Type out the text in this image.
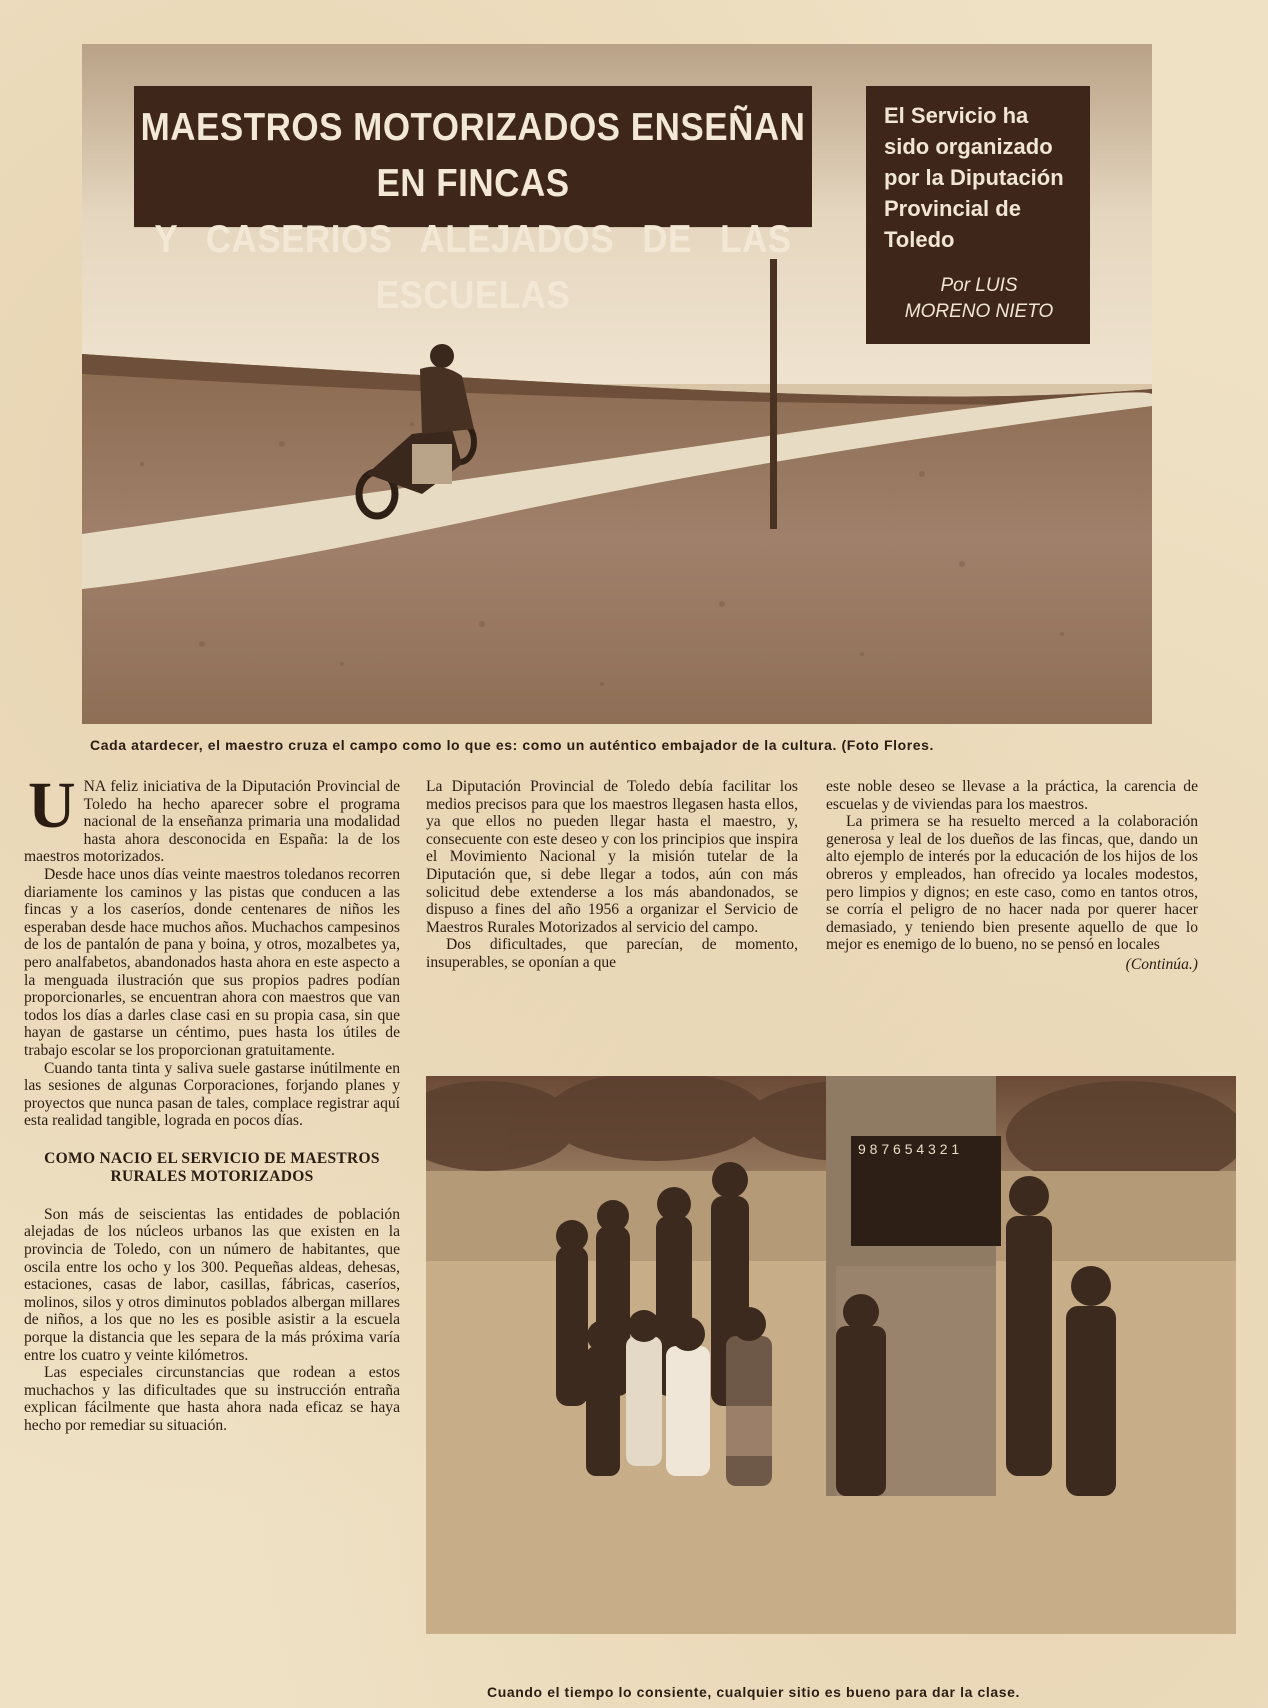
MAESTROS MOTORIZADOS ENSEÑAN EN FINCAS
Y CASERIOS ALEJADOS DE LAS ESCUELAS
El Servicio ha sido organizado por la Diputación Provincial de Toledo
Por LUIS
MORENO NIETO
Cada atardecer, el maestro cruza el campo como lo que es: como un auténtico embajador de la cultura. (Foto Flores.

UNA feliz iniciativa de la Diputación Provincial de Toledo ha hecho aparecer sobre el programa nacional de la enseñanza primaria una modalidad hasta ahora desconocida en España: la de los maestros motorizados.

Desde hace unos días veinte maestros toledanos recorren diariamente los caminos y las pistas que conducen a las fincas y a los caseríos, donde centenares de niños les esperaban desde hace muchos años. Muchachos campesinos de los de pantalón de pana y boina, y otros, mozalbetes ya, pero analfabetos, abandonados hasta ahora en este aspecto a la menguada ilustración que sus propios padres podían proporcionarles, se encuentran ahora con maestros que van todos los días a darles clase casi en su propia casa, sin que hayan de gastarse un céntimo, pues hasta los útiles de trabajo escolar se los proporcionan gratuitamente.

Cuando tanta tinta y saliva suele gastarse inútilmente en las sesiones de algunas Corporaciones, forjando planes y proyectos que nunca pasan de tales, complace registrar aquí esta realidad tangible, lograda en pocos días.

COMO NACIO EL SERVICIO DE MAESTROS RURALES MOTORIZADOS

Son más de seiscientas las entidades de población alejadas de los núcleos urbanos las que existen en la provincia de Toledo, con un número de habitantes, que oscila entre los ocho y los 300. Pequeñas aldeas, dehesas, estaciones, casas de labor, casillas, fábricas, caseríos, molinos, silos y otros diminutos poblados albergan millares de niños, a los que no les es posible asistir a la escuela porque la distancia que les separa de la más próxima varía entre los cuatro y veinte kilómetros.

Las especiales circunstancias que rodean a estos muchachos y las dificultades que su instrucción entraña explican fácilmente que hasta ahora nada eficaz se haya hecho por remediar su situación.

La Diputación Provincial de Toledo debía facilitar los medios precisos para que los maestros llegasen hasta ellos, ya que ellos no pueden llegar hasta el maestro, y, consecuente con este deseo y con los principios que inspira el Movimiento Nacional y la misión tutelar de la Diputación que, si debe llegar a todos, aún con más solicitud debe extenderse a los más abandonados, se dispuso a fines del año 1956 a organizar el Servicio de Maestros Rurales Motorizados al servicio del campo.

Dos dificultades, que parecían, de momento, insuperables, se oponían a que

este noble deseo se llevase a la práctica, la carencia de escuelas y de viviendas para los maestros.

La primera se ha resuelto merced a la colaboración generosa y leal de los dueños de las fincas, que, dando un alto ejemplo de interés por la educación de los hijos de los obreros y empleados, han ofrecido ya locales modestos, pero limpios y dignos; en este caso, como en tantos otros, se corría el peligro de no hacer nada por querer hacer demasiado, y teniendo bien presente aquello de que lo mejor es enemigo de lo bueno, no se pensó en locales

(Continúa.)
9 8 7 6 5 4 3 2 1
Cuando el tiempo lo consiente, cualquier sitio es bueno para dar la clase.
